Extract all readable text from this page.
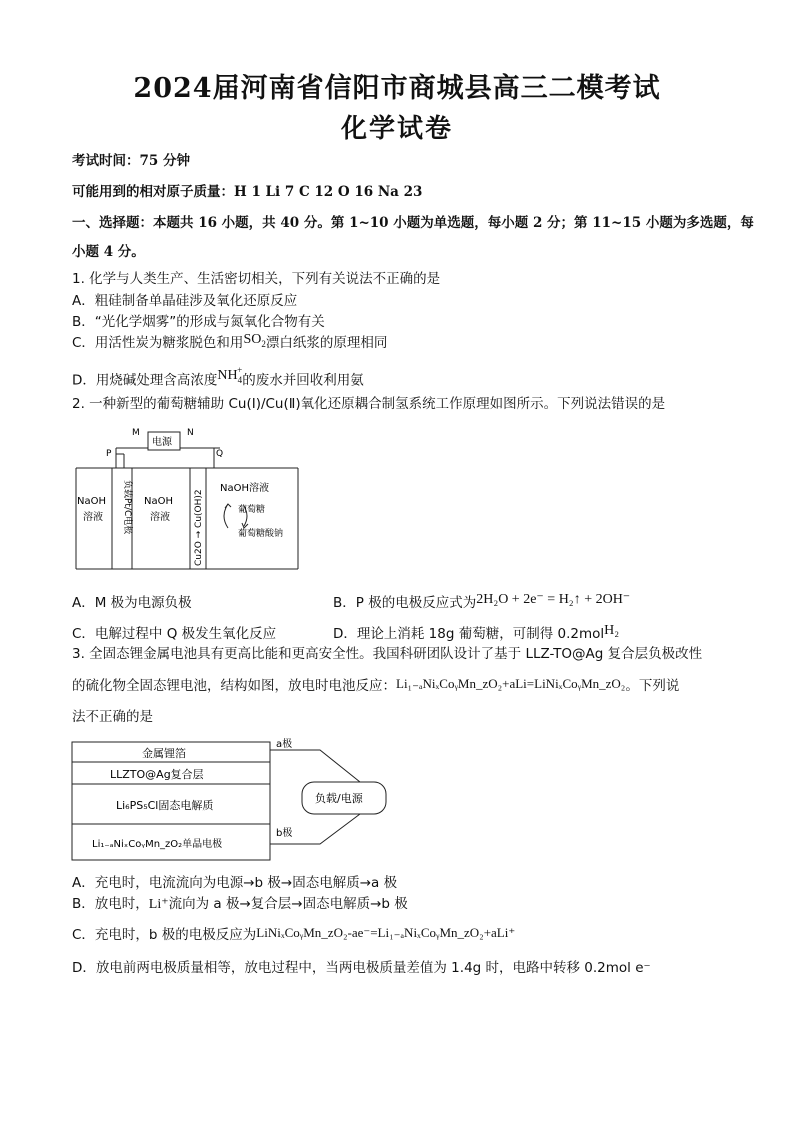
2024届河南省信阳市商城县高三二模考试
化学试卷
考试时间：75 分钟
可能用到的相对原子质量：H 1 Li 7 C 12 O 16 Na 23
一、选择题：本题共 16 小题，共 40 分。第 1~10 小题为单选题，每小题 2 分；第 11~15 小题为多选题，每
小题 4 分。
1. 化学与人类生产、生活密切相关，下列有关说法不正确的是
A．粗硅制备单晶硅涉及氧化还原反应
B．“光化学烟雾”的形成与氮氧化合物有关
C．用活性炭为糖浆脱色和用$SO_2$漂白纸浆的原理相同
D．用烧碱处理含高浓度$NH_4^+$的废水并回收利用氨
2. 一种新型的葡萄糖辅助 Cu(Ⅰ)/Cu(Ⅱ)氧化还原耦合制氢系统工作原理如图所示。下列说法错误的是
M	N
P	Q
电源
NaOH
溶液 负载Pt/C电极 NaOH
溶液	Cu2O → Cu(OH)2
NaOH溶液
葡萄糖
葡萄糖酸钠
A．M 极为电源负极	B．P 极的电极反应式为2H₂O + 2e⁻ = H₂↑ + 2OH⁻
C．电解过程中 Q 极发生氧化反应	D．理论上消耗 18g 葡萄糖，可制得 0.2molH₂
3. 全固态锂金属电池具有更高比能和更高安全性。我国科研团队设计了基于 LLZ-TO@Ag 复合层负极改性
的硫化物全固态锂电池，结构如图，放电时电池反应：Li₁₋ₐNiₓCoᵧMn_zO₂+aLi=LiNiₓCoᵧMn_zO₂。下列说
法不正确的是
金属锂箔
LLZTO@Ag复合层
Li₆PS₅Cl固态电解质
Li₁₋ₐNiₓCoᵧMn_zO₂单晶电极
a极
b极
负载/电源
A．充电时，电流流向为电源→b 极→固态电解质→a 极
B．放电时，Li⁺流向为 a 极→复合层→固态电解质→b 极
C．充电时，b 极的电极反应为LiNiₓCoᵧMn_zO₂-ae⁻=Li₁₋ₐNiₓCoᵧMn_zO₂+aLi⁺
D．放电前两电极质量相等，放电过程中，当两电极质量差值为 1.4g 时，电路中转移 0.2mol e⁻
